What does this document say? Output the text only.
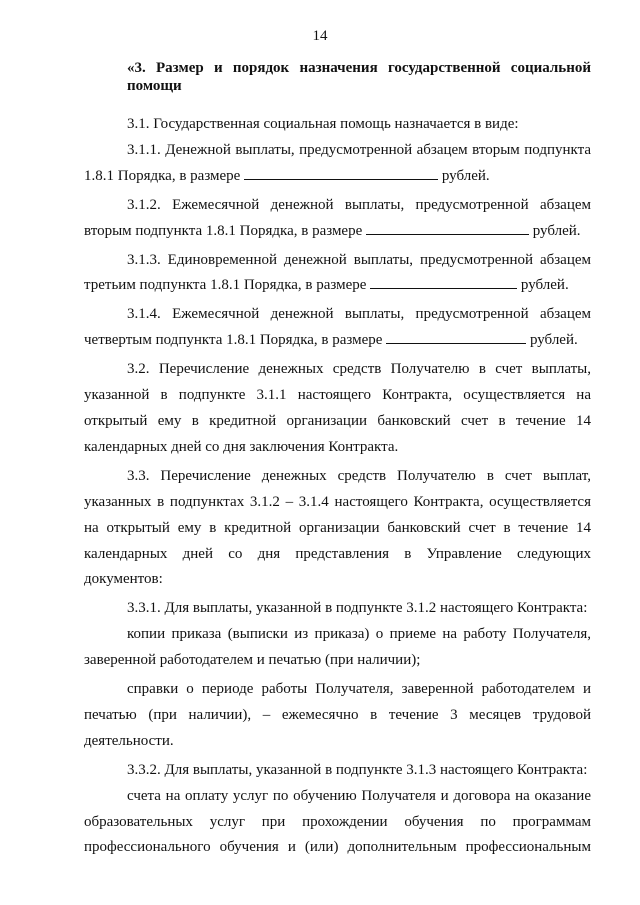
14
«3. Размер и порядок назначения государственной социальной помощи

3.1. Государственная социальная помощь назначается в виде:

3.1.1. Денежной выплаты, предусмотренной абзацем вторым подпункта 1.8.1 Порядка, в размере	рублей.

3.1.2. Ежемесячной денежной выплаты, предусмотренной абзацем вторым подпункта 1.8.1 Порядка, в размере	рублей.

3.1.3. Единовременной денежной выплаты, предусмотренной абзацем третьим подпункта 1.8.1 Порядка, в размере	рублей.

3.1.4. Ежемесячной денежной выплаты, предусмотренной абзацем четвертым подпункта 1.8.1 Порядка, в размере	рублей.

3.2. Перечисление денежных средств Получателю в счет выплаты, указанной в подпункте 3.1.1 настоящего Контракта, осуществляется на открытый ему в кредитной организации банковский счет в течение 14 календарных дней со дня заключения Контракта.

3.3. Перечисление денежных средств Получателю в счет выплат, указанных в подпунктах 3.1.2 – 3.1.4 настоящего Контракта, осуществляется на открытый ему в кредитной организации банковский счет в течение 14 календарных дней со дня представления в Управление следующих документов:

3.3.1. Для выплаты, указанной в подпункте 3.1.2 настоящего Контракта:

копии приказа (выписки из приказа) о приеме на работу Получателя, заверенной работодателем и печатью (при наличии);

справки о периоде работы Получателя, заверенной работодателем и печатью (при наличии), – ежемесячно в течение 3 месяцев трудовой деятельности.

3.3.2. Для выплаты, указанной в подпункте 3.1.3 настоящего Контракта:

счета на оплату услуг по обучению Получателя и договора на оказание образовательных услуг при прохождении обучения по программам профессионального обучения и (или) дополнительным профессиональным
